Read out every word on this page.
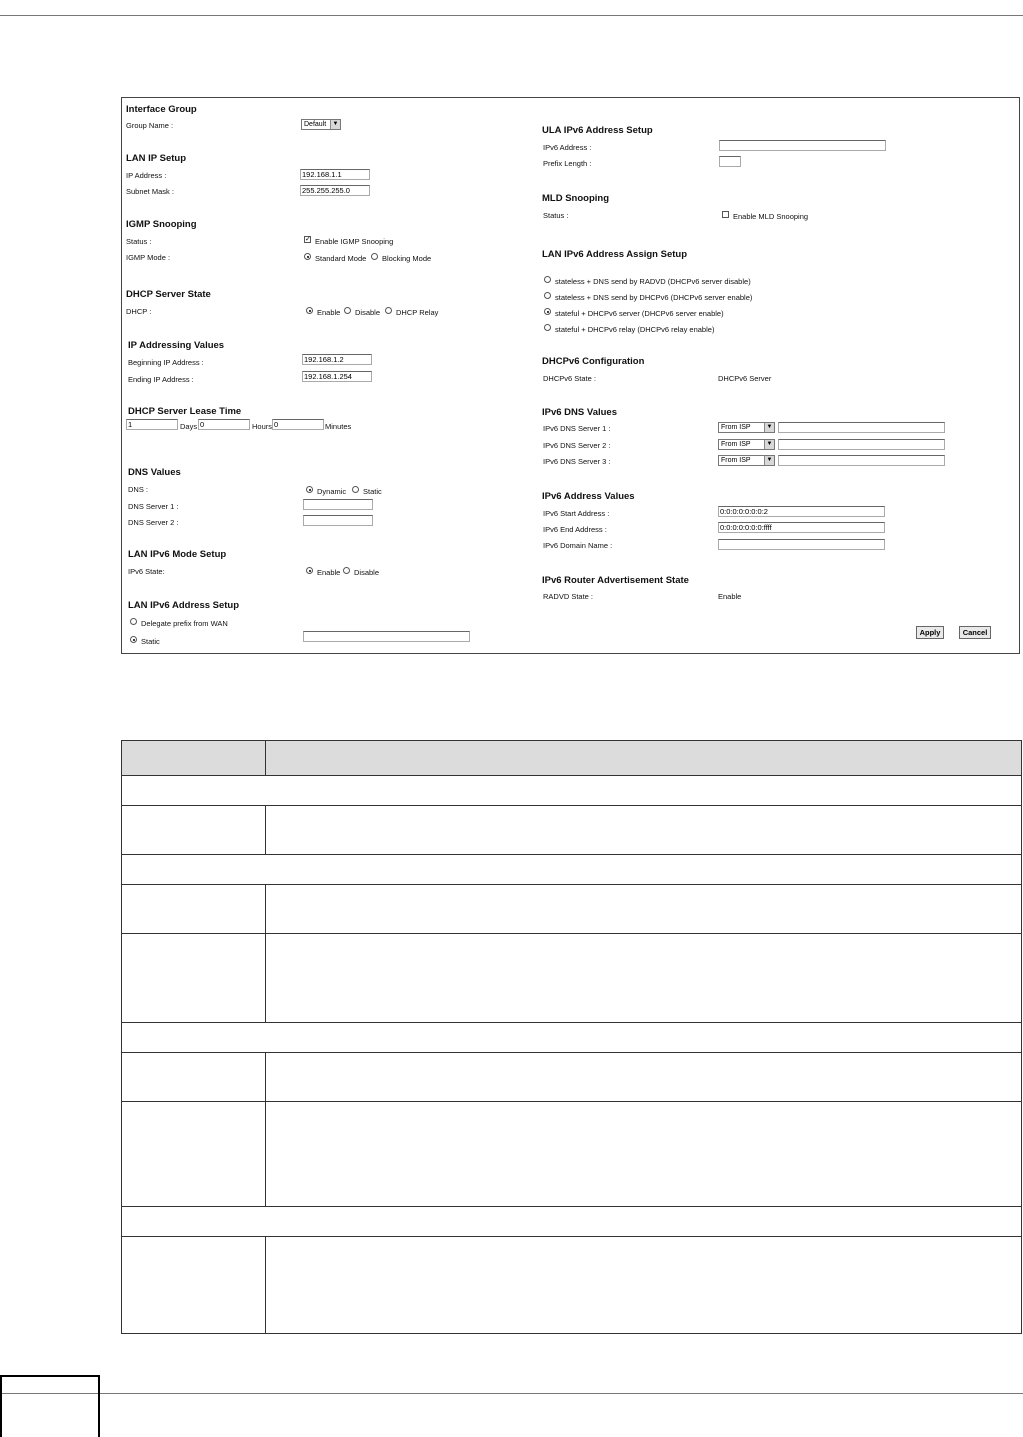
Interface Group
Group Name :	Default	▼
LAN IP Setup
IP Address :	192.168.1.1
Subnet Mask :	255.255.255.0
IGMP Snooping
Status :	✓ Enable IGMP Snooping
IGMP Mode :	Standard Mode Blocking Mode
DHCP Server State
DHCP :	Enable Disable DHCP Relay
IP Addressing Values
Beginning IP Address :	192.168.1.2
Ending IP Address :	192.168.1.254
DHCP Server Lease Time
1	Days 0	Hours 0	Minutes
DNS Values
DNS :	Dynamic Static
DNS Server 1 :
DNS Server 2 :
LAN IPv6 Mode Setup
IPv6 State:	Enable Disable
LAN IPv6 Address Setup
Delegate prefix from WAN
Static
ULA IPv6 Address Setup
IPv6 Address :
Prefix Length :
MLD Snooping
Status :	Enable MLD Snooping
LAN IPv6 Address Assign Setup
stateless + DNS send by RADVD (DHCPv6 server disable)
stateless + DNS send by DHCPv6 (DHCPv6 server enable)
stateful + DHCPv6 server (DHCPv6 server enable)
stateful + DHCPv6 relay (DHCPv6 relay enable)
DHCPv6 Configuration
DHCPv6 State :	DHCPv6 Server
IPv6 DNS Values
IPv6 DNS Server 1 :	From ISP	▼
IPv6 DNS Server 2 :	From ISP	▼
IPv6 DNS Server 3 :	From ISP	▼
IPv6 Address Values
IPv6 Start Address :	0:0:0:0:0:0:0:2
IPv6 End Address :	0:0:0:0:0:0:0:ffff
IPv6 Domain Name :
IPv6 Router Advertisement State
RADVD State :	Enable
Apply	Cancel
